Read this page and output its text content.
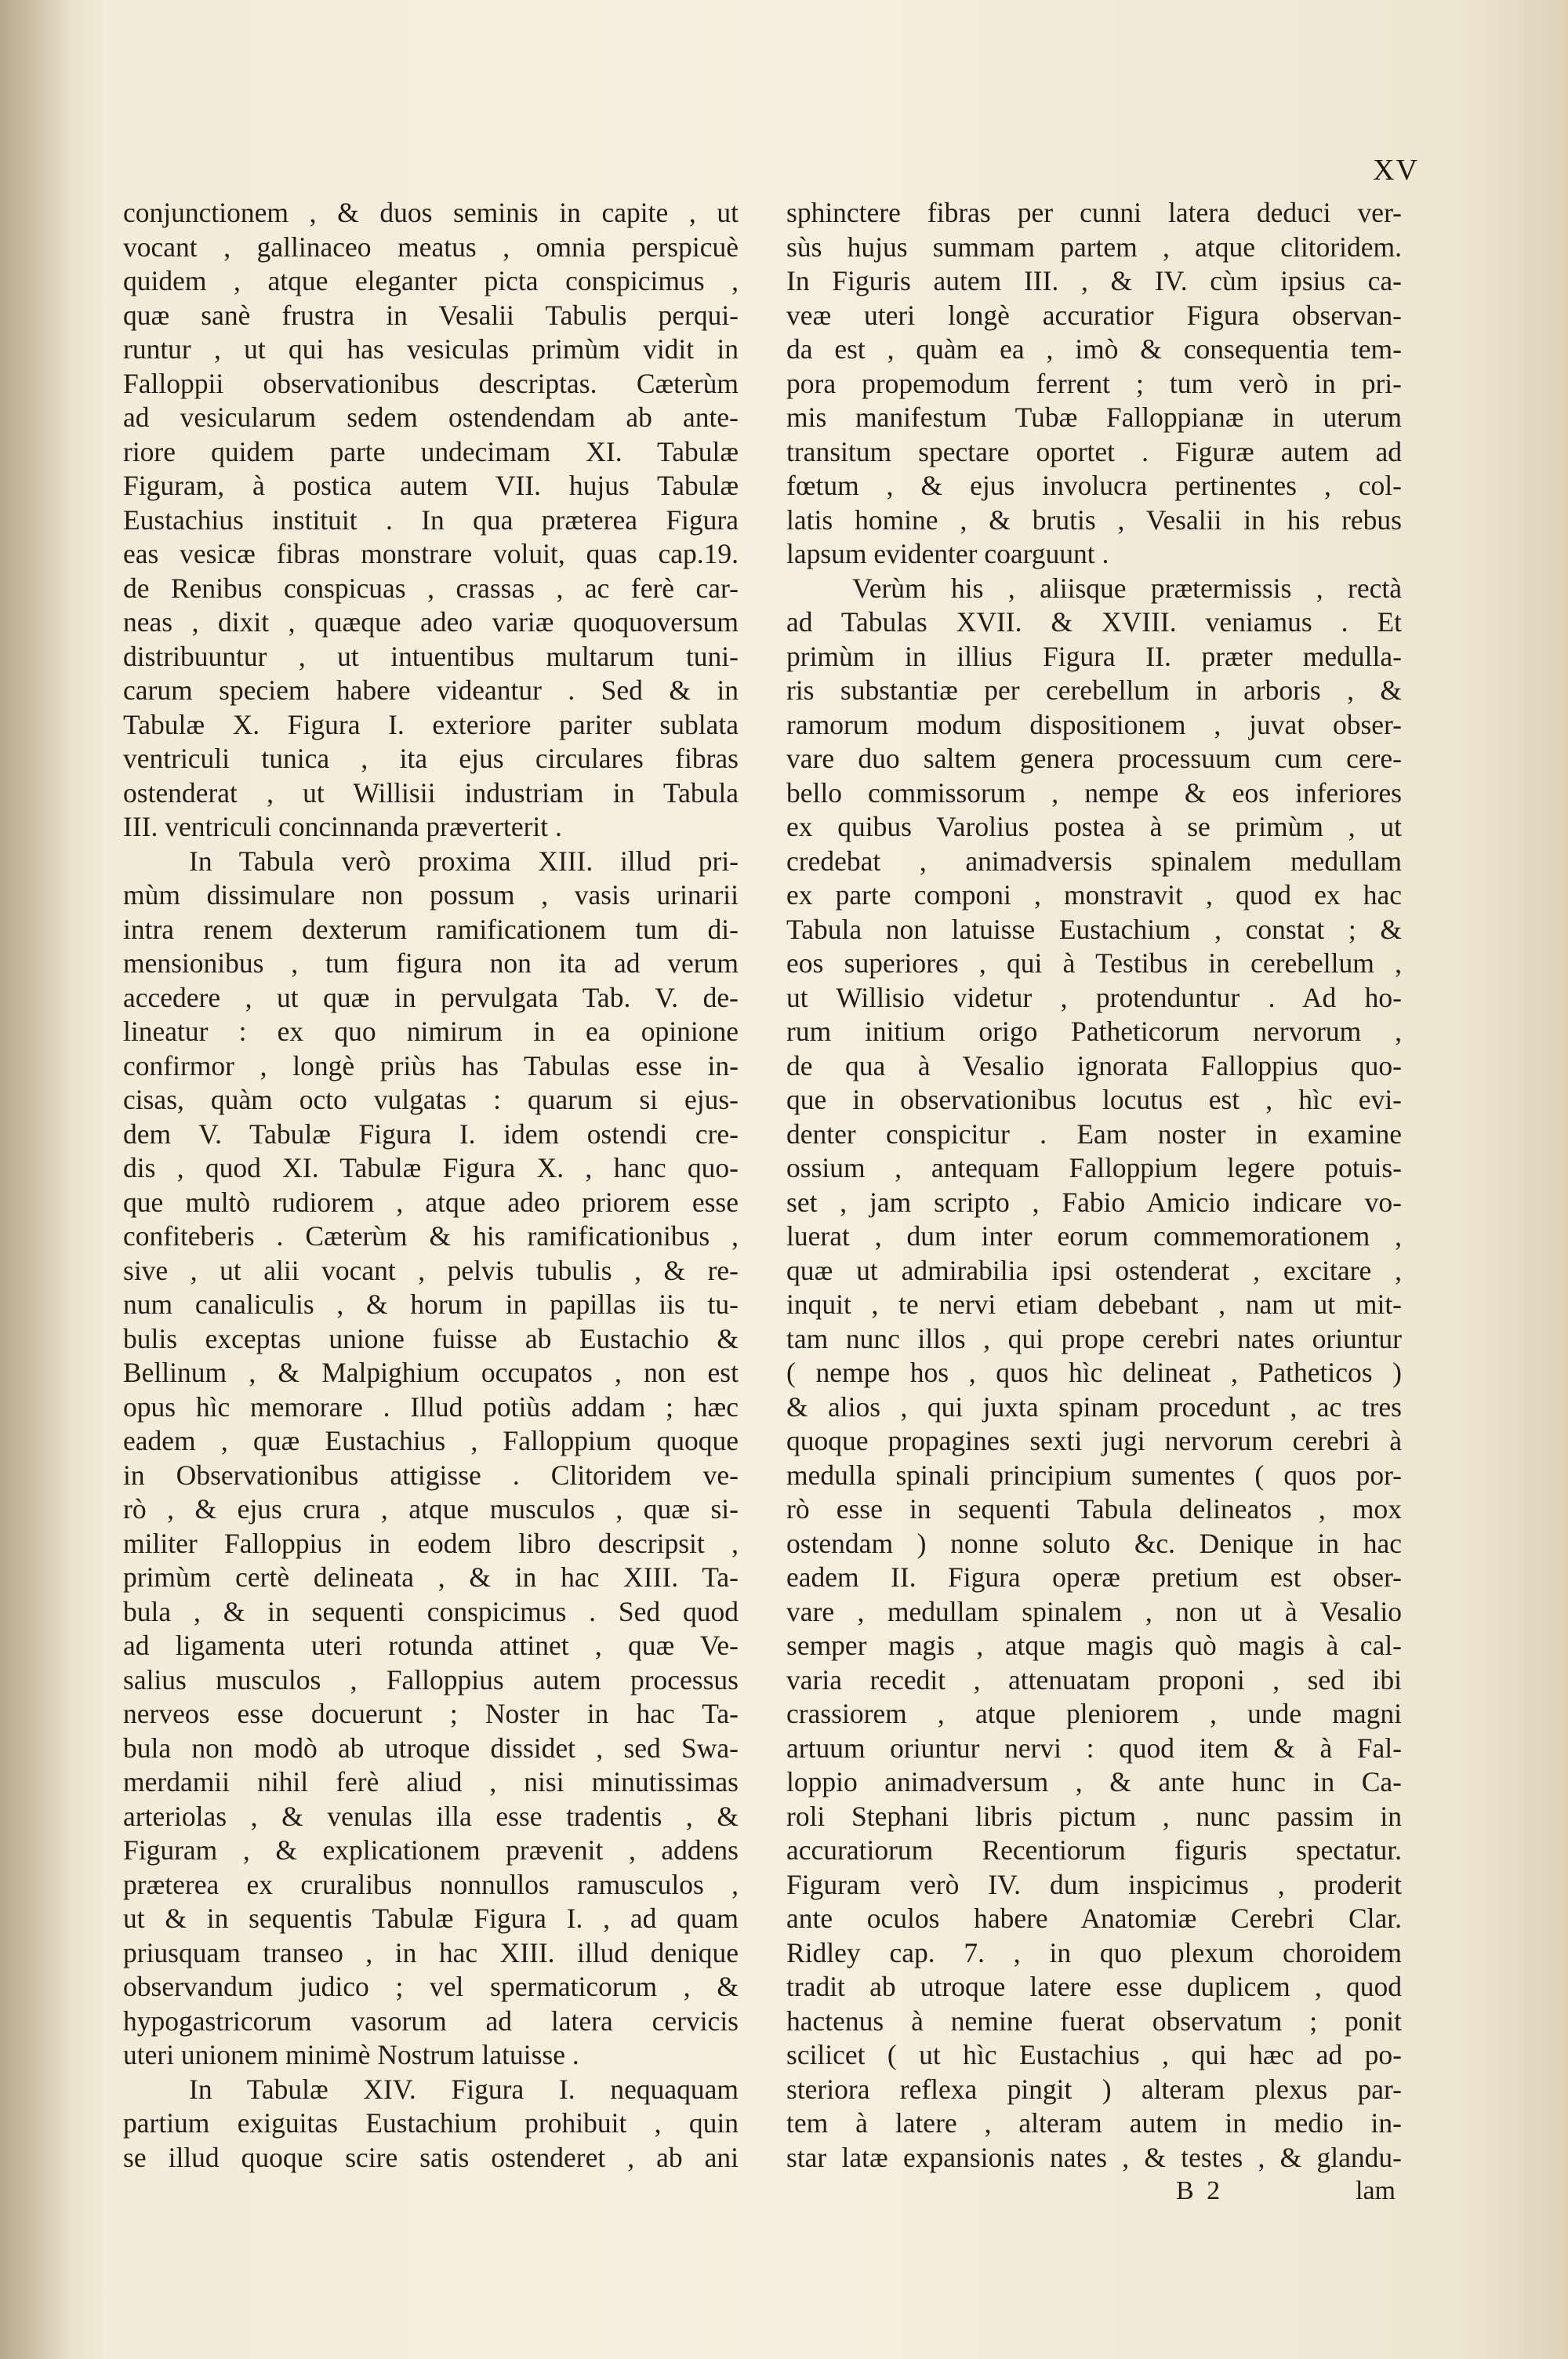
XV
conjunctionem , & duos seminis in capite , ut
vocant , gallinaceo meatus , omnia perspicuè
quidem , atque eleganter picta conspicimus ,
quæ sanè frustra in Vesalii Tabulis perqui-
runtur , ut qui has vesiculas primùm vidit in
Falloppii observationibus descriptas. Cæterùm
ad vesicularum sedem ostendendam ab ante-
riore quidem parte undecimam XI. Tabulæ
Figuram, à postica autem VII. hujus Tabulæ
Eustachius instituit . In qua præterea Figura
eas vesicæ fibras monstrare voluit, quas cap.19.
de Renibus conspicuas , crassas , ac ferè car-
neas , dixit , quæque adeo variæ quoquoversum
distribuuntur , ut intuentibus multarum tuni-
carum speciem habere videantur . Sed & in
Tabulæ X. Figura I. exteriore pariter sublata
ventriculi tunica , ita ejus circulares fibras
ostenderat , ut Willisii industriam in Tabula
III. ventriculi concinnanda præverterit .
In Tabula verò proxima XIII. illud pri-
mùm dissimulare non possum , vasis urinarii
intra renem dexterum ramificationem tum di-
mensionibus , tum figura non ita ad verum
accedere , ut quæ in pervulgata Tab. V. de-
lineatur : ex quo nimirum in ea opinione
confirmor , longè priùs has Tabulas esse in-
cisas, quàm octo vulgatas : quarum si ejus-
dem V. Tabulæ Figura I. idem ostendi cre-
dis , quod XI. Tabulæ Figura X. , hanc quo-
que multò rudiorem , atque adeo priorem esse
confiteberis . Cæterùm & his ramificationibus ,
sive , ut alii vocant , pelvis tubulis , & re-
num canaliculis , & horum in papillas iis tu-
bulis exceptas unione fuisse ab Eustachio &
Bellinum , & Malpighium occupatos , non est
opus hìc memorare . Illud potiùs addam ; hæc
eadem , quæ Eustachius , Falloppium quoque
in Observationibus attigisse . Clitoridem ve-
rò , & ejus crura , atque musculos , quæ si-
militer Falloppius in eodem libro descripsit ,
primùm certè delineata , & in hac XIII. Ta-
bula , & in sequenti conspicimus . Sed quod
ad ligamenta uteri rotunda attinet , quæ Ve-
salius musculos , Falloppius autem processus
nerveos esse docuerunt ; Noster in hac Ta-
bula non modò ab utroque dissidet , sed Swa-
merdamii nihil ferè aliud , nisi minutissimas
arteriolas , & venulas illa esse tradentis , &
Figuram , & explicationem prævenit , addens
præterea ex cruralibus nonnullos ramusculos ,
ut & in sequentis Tabulæ Figura I. , ad quam
priusquam transeo , in hac XIII. illud denique
observandum judico ; vel spermaticorum , &
hypogastricorum vasorum ad latera cervicis
uteri unionem minimè Nostrum latuisse .
In Tabulæ XIV. Figura I. nequaquam
partium exiguitas Eustachium prohibuit , quin
se illud quoque scire satis ostenderet , ab ani
sphinctere fibras per cunni latera deduci ver-
sùs hujus summam partem , atque clitoridem.
In Figuris autem III. , & IV. cùm ipsius ca-
veæ uteri longè accuratior Figura observan-
da est , quàm ea , imò & consequentia tem-
pora propemodum ferrent ; tum verò in pri-
mis manifestum Tubæ Falloppianæ in uterum
transitum spectare oportet . Figuræ autem ad
fœtum , & ejus involucra pertinentes , col-
latis homine , & brutis , Vesalii in his rebus
lapsum evidenter coarguunt .
Verùm his , aliisque prætermissis , rectà
ad Tabulas XVII. & XVIII. veniamus . Et
primùm in illius Figura II. præter medulla-
ris substantiæ per cerebellum in arboris , &
ramorum modum dispositionem , juvat obser-
vare duo saltem genera processuum cum cere-
bello commissorum , nempe & eos inferiores
ex quibus Varolius postea à se primùm , ut
credebat , animadversis spinalem medullam
ex parte componi , monstravit , quod ex hac
Tabula non latuisse Eustachium , constat ; &
eos superiores , qui à Testibus in cerebellum ,
ut Willisio videtur , protenduntur . Ad ho-
rum initium origo Patheticorum nervorum ,
de qua à Vesalio ignorata Falloppius quo-
que in observationibus locutus est , hìc evi-
denter conspicitur . Eam noster in examine
ossium , antequam Falloppium legere potuis-
set , jam scripto , Fabio Amicio indicare vo-
luerat , dum inter eorum commemorationem ,
quæ ut admirabilia ipsi ostenderat , excitare ,
inquit , te nervi etiam debebant , nam ut mit-
tam nunc illos , qui prope cerebri nates oriuntur
( nempe hos , quos hìc delineat , Patheticos )
& alios , qui juxta spinam procedunt , ac tres
quoque propagines sexti jugi nervorum cerebri à
medulla spinali principium sumentes ( quos por-
rò esse in sequenti Tabula delineatos , mox
ostendam ) nonne soluto &c. Denique in hac
eadem II. Figura operæ pretium est obser-
vare , medullam spinalem , non ut à Vesalio
semper magis , atque magis quò magis à cal-
varia recedit , attenuatam proponi , sed ibi
crassiorem , atque pleniorem , unde magni
artuum oriuntur nervi : quod item & à Fal-
loppio animadversum , & ante hunc in Ca-
roli Stephani libris pictum , nunc passim in
accuratiorum Recentiorum figuris spectatur.
Figuram verò IV. dum inspicimus , proderit
ante oculos habere Anatomiæ Cerebri Clar.
Ridley cap. 7. , in quo plexum choroidem
tradit ab utroque latere esse duplicem , quod
hactenus à nemine fuerat observatum ; ponit
scilicet ( ut hìc Eustachius , qui hæc ad po-
steriora reflexa pingit ) alteram plexus par-
tem à latere , alteram autem in medio in-
star latæ expansionis nates , & testes , & glandu-
B 2	lam
